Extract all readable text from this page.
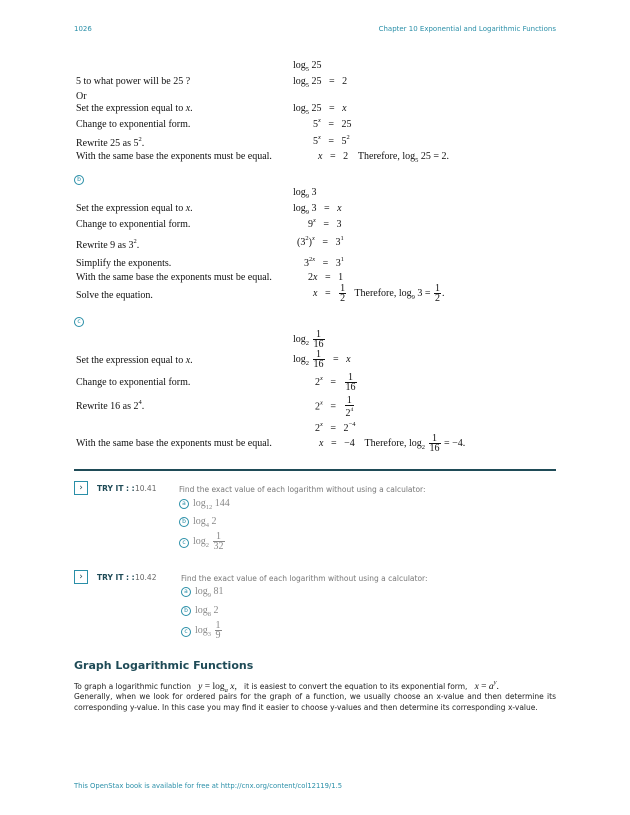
1026	Chapter 10 Exponential and Logarithmic Functions
$\log_5 25$
5 to what power will be 25 ?	$\log_5 25 = 2$
Or
Set the expression equal to x.	$\log_5 25 = x$
Change to exponential form.	5$^x$   =   25
Rewrite 25 as $5^2$.	$5^x = 5^2$
With the same base the exponents must be equal.	x   =   2    Therefore, $\log_5 25 = 2$.
b
$\log_9 3$
Set the expression equal to x.	$\log_9 3 = x$
Change to exponential form.	9$^x$   =   3
Rewrite 9 as $3^2$.	$(3^2)^x = 3^1$
Simplify the exponents.	$3^{2x} = 3^1$
With the same base the exponents must be equal.	2x   =   1
Solve the equation.	$x = \frac{1}{2}$ Therefore, $\log_9 3 = \frac{1}{2}$ .
c
$\log_2 \frac{1}{16}$
Set the expression equal to x.	$\log_2 \frac{1}{16} = x$
Change to exponential form.	$2^x = \frac{1}{16}$
Rewrite 16 as $2^4$.	$2^x = \frac{1}{2^4}$
$2^x = 2^{-4}$
With the same base the exponents must be equal.	x   =   −4    Therefore, $\log_2 \frac{1}{16} = -4$.
›	TRY IT : : 10.41	Find the exact value of each logarithm without using a calculator:
a $\log_{12} 144$
b $\log_4 2$
c $\log_2 \frac{1}{32}$
›	TRY IT : : 10.42	Find the exact value of each logarithm without using a calculator:
a $\log_9 81$
b $\log_8 2$
c $\log_3 \frac{1}{9}$
Graph Logarithmic Functions
To graph a logarithmic function $y = \log_a x$,   it is easiest to convert the equation to its exponential form, $x = a^y$.
Generally, when we look for ordered pairs for the graph of a function, we usually choose an x-value and then determine its corresponding y-value. In this case you may find it easier to choose y-values and then determine its corresponding x-value.
This OpenStax book is available for free at http://cnx.org/content/col12119/1.5
